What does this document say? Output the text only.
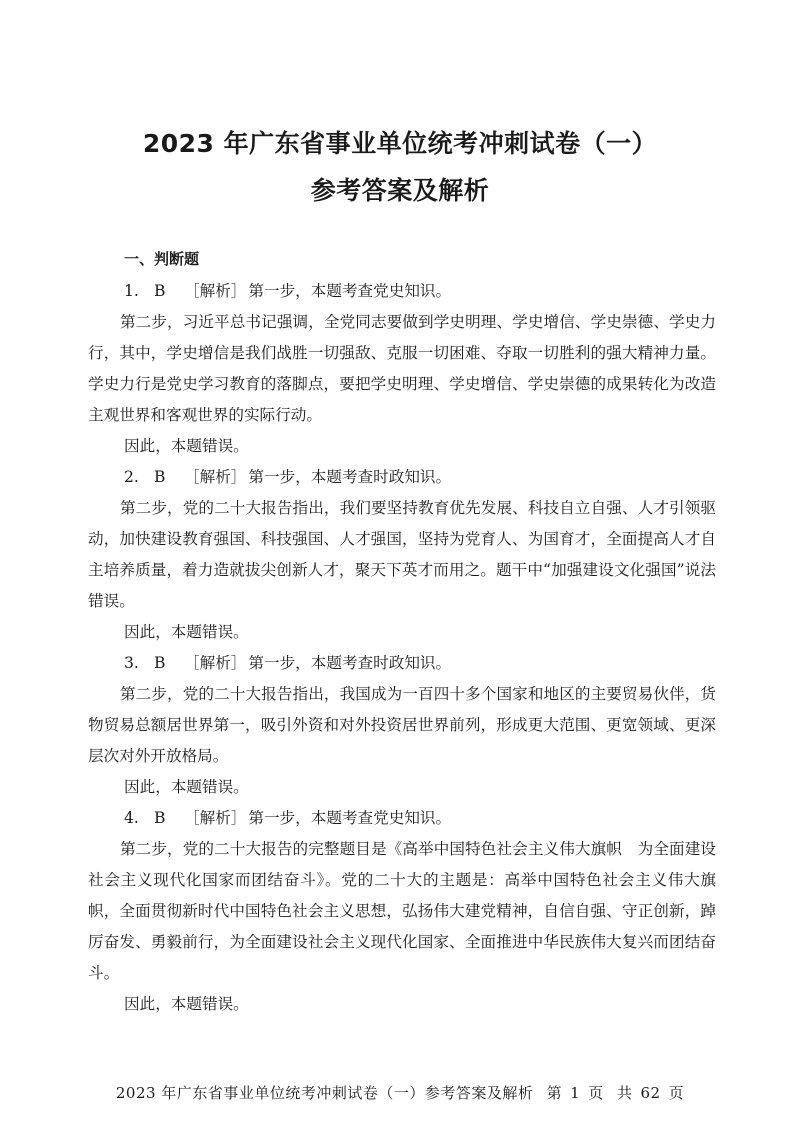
2023 年广东省事业单位统考冲刺试卷（一）
参考答案及解析
一、判断题

1. B ［解析］ 第一步，本题考查党史知识。

第二步，习近平总书记强调，全党同志要做到学史明理、学史增信、学史崇德、学史力行，其中，学史增信是我们战胜一切强敌、克服一切困难、夺取一切胜利的强大精神力量。学史力行是党史学习教育的落脚点，要把学史明理、学史增信、学史崇德的成果转化为改造主观世界和客观世界的实际行动。

因此，本题错误。

2. B ［解析］ 第一步，本题考查时政知识。

第二步，党的二十大报告指出，我们要坚持教育优先发展、科技自立自强、人才引领驱动，加快建设教育强国、科技强国、人才强国，坚持为党育人、为国育才，全面提高人才自主培养质量，着力造就拔尖创新人才，聚天下英才而用之。题干中“加强建设文化强国”说法错误。

因此，本题错误。

3. B ［解析］ 第一步，本题考查时政知识。

第二步，党的二十大报告指出，我国成为一百四十多个国家和地区的主要贸易伙伴，货物贸易总额居世界第一，吸引外资和对外投资居世界前列，形成更大范围、更宽领域、更深层次对外开放格局。

因此，本题错误。

4. B ［解析］ 第一步，本题考查党史知识。

第二步，党的二十大报告的完整题目是《高举中国特色社会主义伟大旗帜　为全面建设社会主义现代化国家而团结奋斗》。党的二十大的主题是：高举中国特色社会主义伟大旗帜，全面贯彻新时代中国特色社会主义思想，弘扬伟大建党精神，自信自强、守正创新，踔厉奋发、勇毅前行，为全面建设社会主义现代化国家、全面推进中华民族伟大复兴而团结奋斗。

因此，本题错误。

2023 年广东省事业单位统考冲刺试卷（一）参考答案及解析 第 1 页 共 62 页
